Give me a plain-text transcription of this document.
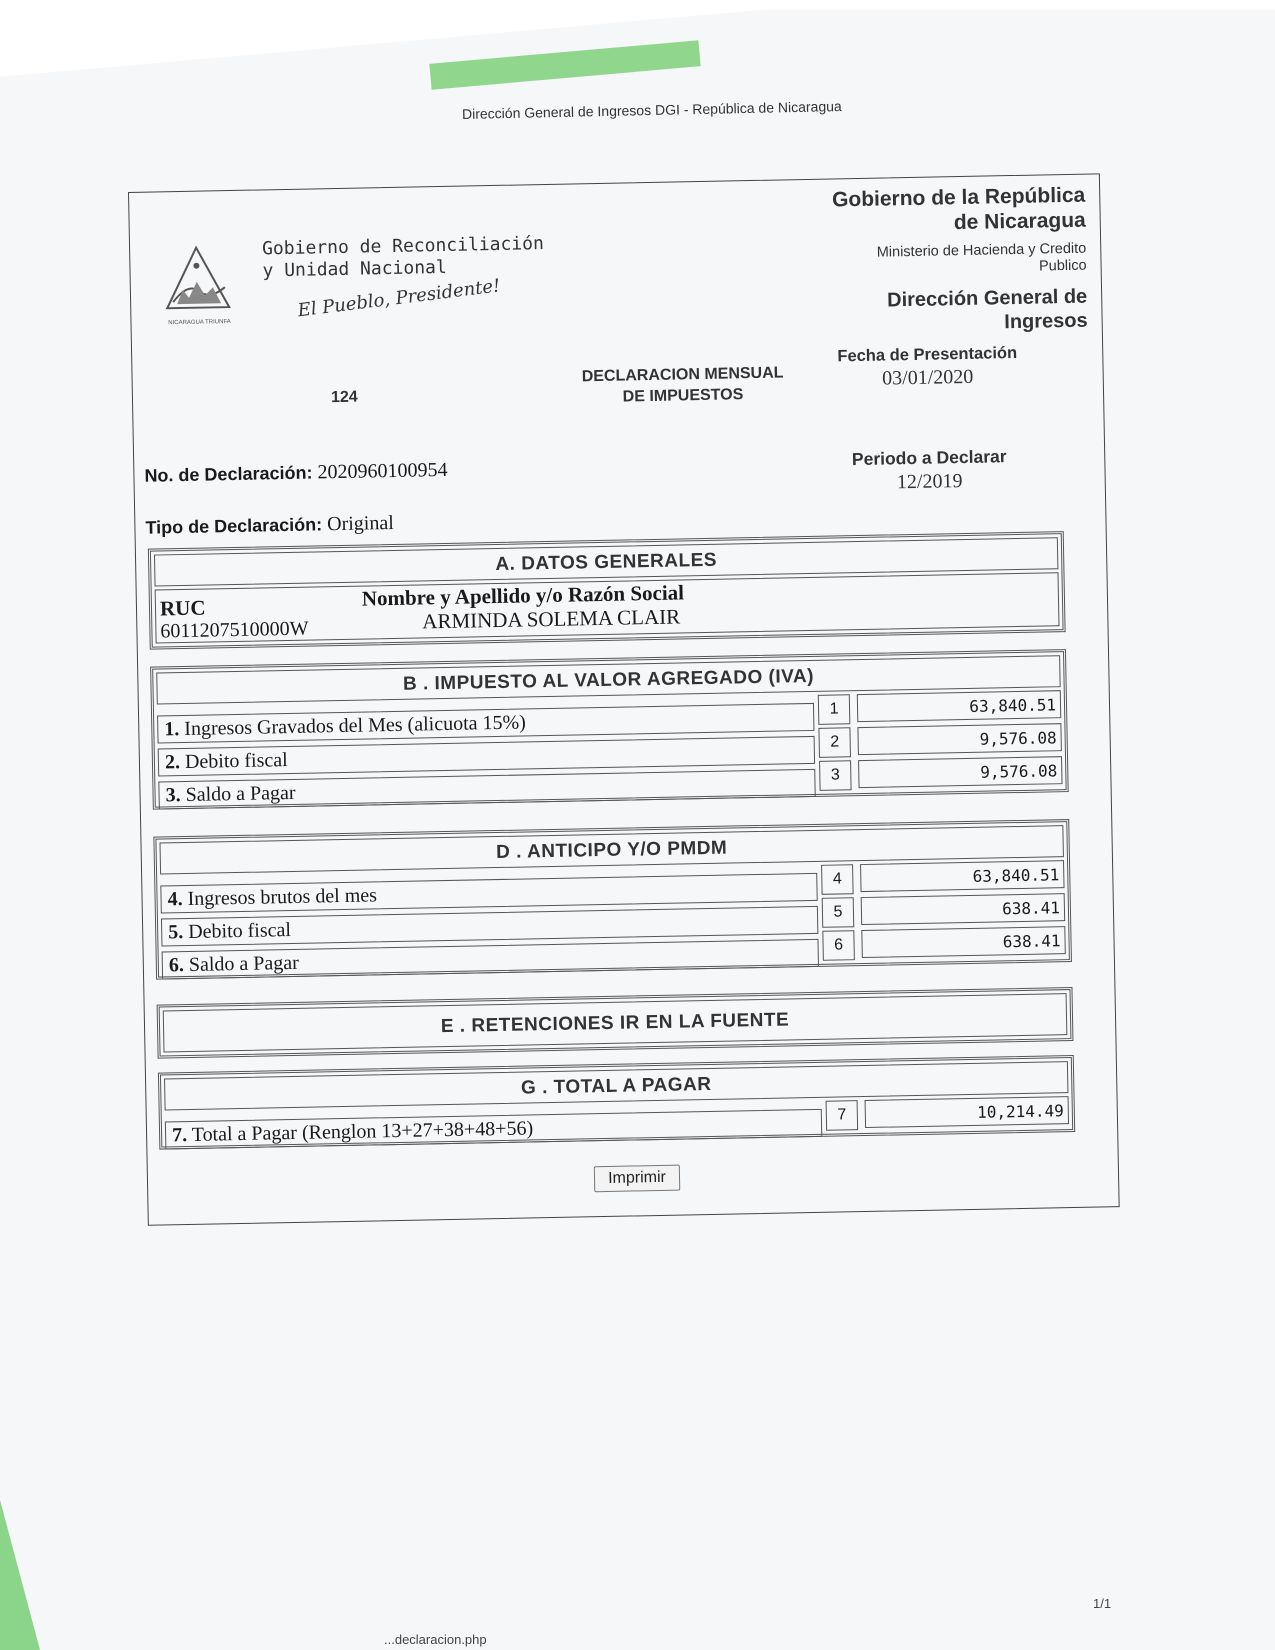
Dirección General de Ingresos DGI - República de Nicaragua
NICARAGUA TRIUNFA
Gobierno de Reconciliación
y Unidad Nacional
El Pueblo, Presidente!
Gobierno de la República
de Nicaragua
Ministerio de Hacienda y Credito
Publico
Dirección General de
Ingresos
124
DECLARACION MENSUAL
DE IMPUESTOS
Fecha de Presentación
03/01/2020
No. de Declaración: 2020960100954
Tipo de Declaración: Original
Periodo a Declarar
12/2019
A. DATOS GENERALES
RUC
6011207510000W
Nombre y Apellido y/o Razón Social
ARMINDA SOLEMA CLAIR
B . IMPUESTO AL VALOR AGREGADO (IVA)
1. Ingresos Gravados del Mes (alicuota 15%)
1	63,840.51
2. Debito fiscal
2	9,576.08
3. Saldo a Pagar
3	9,576.08
D . ANTICIPO Y/O PMDM
4. Ingresos brutos del mes
4	63,840.51
5. Debito fiscal
5	638.41
6. Saldo a Pagar
6	638.41
E . RETENCIONES IR EN LA FUENTE
G . TOTAL A PAGAR
7. Total a Pagar (Renglon 13+27+38+48+56)
7	10,214.49
Imprimir
1/1
...declaracion.php
